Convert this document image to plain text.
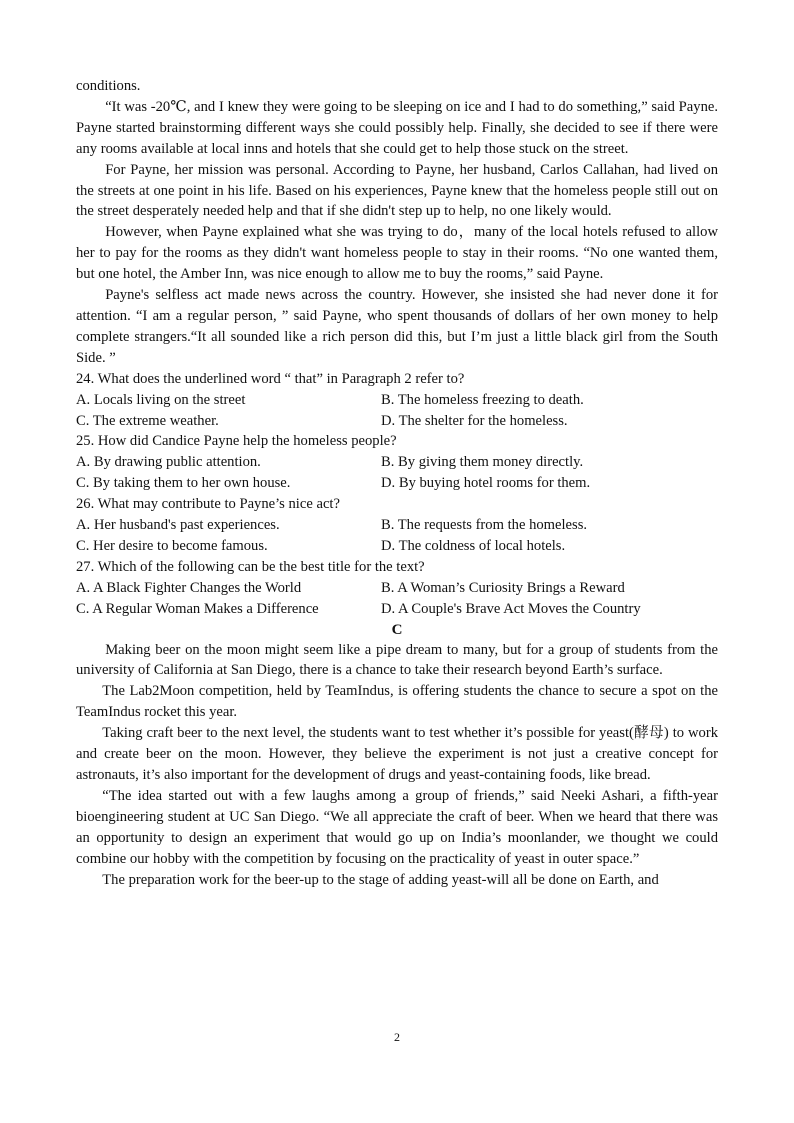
conditions.

“It was -20℃, and I knew they were going to be sleeping on ice and I had to do something,” said Payne. Payne started brainstorming different ways she could possibly help. Finally, she decided to see if there were any rooms available at local inns and hotels that she could get to help those stuck on the street.

For Payne, her mission was personal. According to Payne, her husband, Carlos Callahan, had lived on the streets at one point in his life. Based on his experiences, Payne knew that the homeless people still out on the street desperately needed help and that if she didn't step up to help, no one likely would.

However, when Payne explained what she was trying to do，many of the local hotels refused to allow her to pay for the rooms as they didn't want homeless people to stay in their rooms. “No one wanted them, but one hotel, the Amber Inn, was nice enough to allow me to buy the rooms,” said Payne.

Payne's selfless act made news across the country. However, she insisted she had never done it for attention. “I am a regular person, ” said Payne, who spent thousands of dollars of her own money to help complete strangers.“It all sounded like a rich person did this, but I’m just a little black girl from the South Side. ”

24. What does the underlined word “ that” in Paragraph 2 refer to?

A. Locals living on the street	B. The homeless freezing to death.
C. The extreme weather.	D. The shelter for the homeless.

25. How did Candice Payne help the homeless people?

A. By drawing public attention.	B. By giving them money directly.
C. By taking them to her own house.	D. By buying hotel rooms for them.

26. What may contribute to Payne’s nice act?

A. Her husband's past experiences.	B. The requests from the homeless.
C. Her desire to become famous.	D. The coldness of local hotels.

27. Which of the following can be the best title for the text?

A. A Black Fighter Changes the World	B. A Woman’s Curiosity Brings a Reward
C. A Regular Woman Makes a Difference	D. A Couple's Brave Act Moves the Country

C

Making beer on the moon might seem like a pipe dream to many, but for a group of students from the university of California at San Diego, there is a chance to take their research beyond Earth’s surface.

The Lab2Moon competition, held by TeamIndus, is offering students the chance to secure a spot on the TeamIndus rocket this year.

Taking craft beer to the next level, the students want to test whether it’s possible for yeast(酵母) to work and create beer on the moon. However, they believe the experiment is not just a creative concept for astronauts, it’s also important for the development of drugs and yeast-containing foods, like bread.

“The idea started out with a few laughs among a group of friends,” said Neeki Ashari, a fifth-year bioengineering student at UC San Diego. “We all appreciate the craft of beer. When we heard that there was an opportunity to design an experiment that would go up on India’s moonlander, we thought we could combine our hobby with the competition by focusing on the practicality of yeast in outer space.”

The preparation work for the beer-up to the stage of adding yeast-will all be done on Earth, and

2
